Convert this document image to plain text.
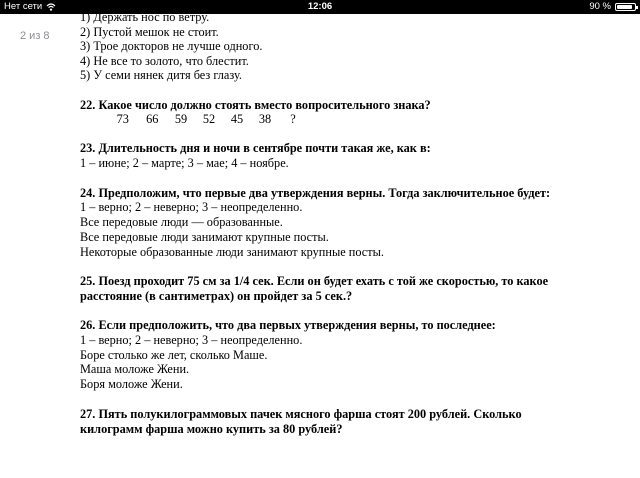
Нет сети	12:06	90 %
2 из 8
1) Держать нос по ветру.
2) Пустой мешок не стоит.
3) Трое докторов не лучше одного.
4) Не все то золото, что блестит.
5) У семи нянек дитя без глазу.
22. Какое число должно стоять вместо вопросительного знака?
73	66	59	52	45	38	?
23. Длительность дня и ночи в сентябре почти такая же, как в:
1 – июне; 2 – марте; 3 – мае; 4 – ноябре.
24. Предположим, что первые два утверждения верны. Тогда заключительное будет:
1 – верно; 2 – неверно; 3 – неопределенно.
Все передовые люди — образованные.
Все передовые люди занимают крупные посты.
Некоторые образованные люди занимают крупные посты.
25. Поезд проходит 75 см за 1/4 сек. Если он будет ехать с той же скоростью, то какое
расстояние (в сантиметрах) он пройдет за 5 сек.?
26. Если предположить, что два первых утверждения верны, то последнее:
1 – верно; 2 – неверно; 3 – неопределенно.
Боре столько же лет, сколько Маше.
Маша моложе Жени.
Боря моложе Жени.
27. Пять полукилограммовых пачек мясного фарша стоят 200 рублей. Сколько
килограмм фарша можно купить за 80 рублей?
